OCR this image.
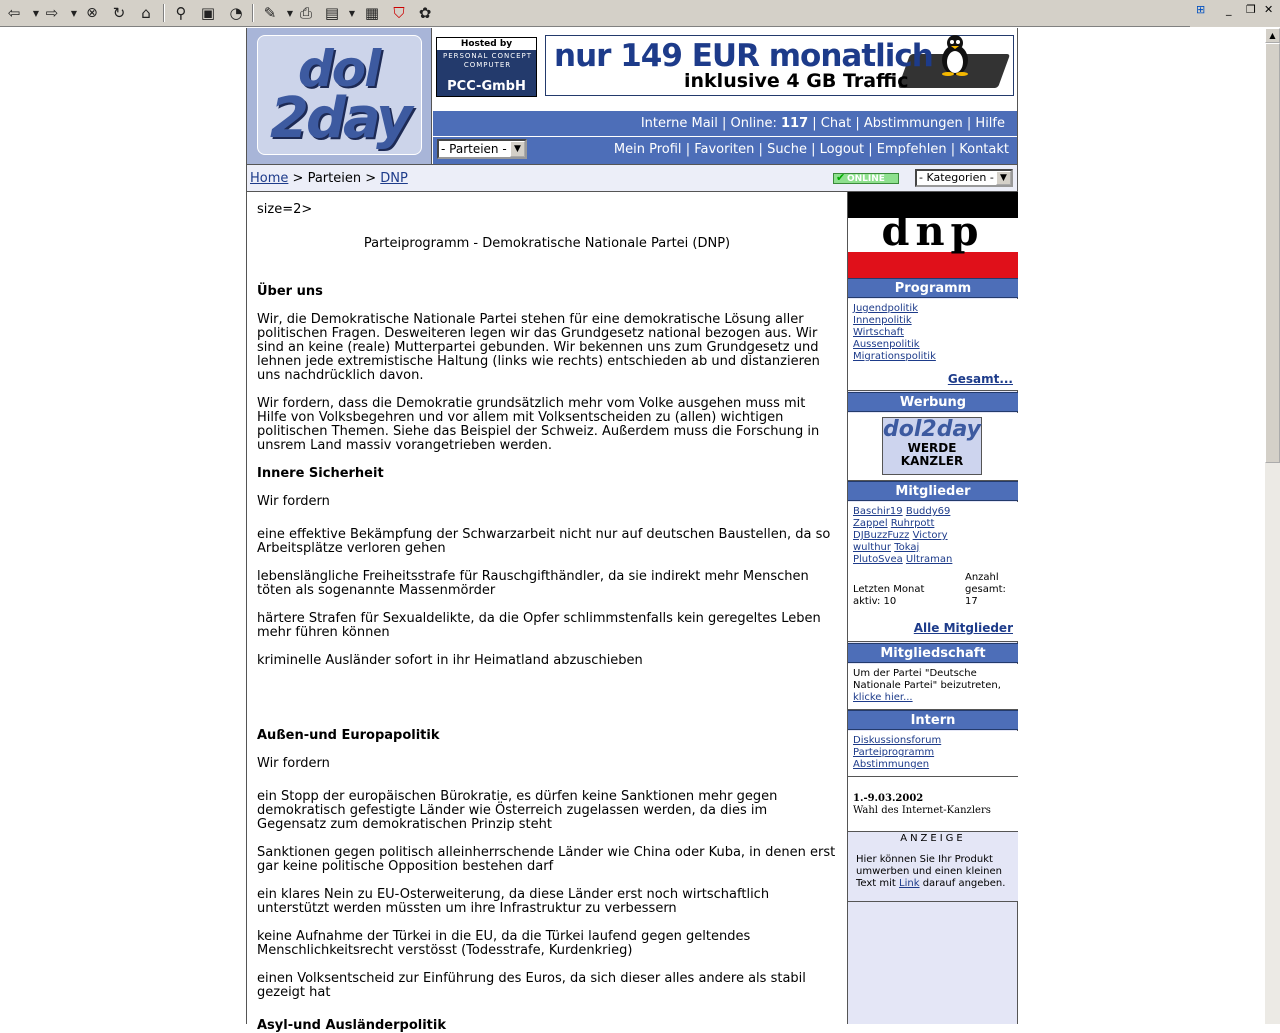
⇦	▼ ⇨	▼ ⊗ ↻	⌂	⚲ ▣ ◔ ✎	▼ ⎙ ▤	▼ ▦ ⛉ ✿	⊞ _ ❐ ✕
dol
2day
Hosted by
PERSONAL CONCEPT COMPUTER
PCC-GmbH
nur 149 EUR monatlich
inklusive 4 GB Traffic
Interne Mail | Online: 117 | Chat | Abstimmungen | Hilfe
Mein Profil | Favoriten | Suche | Logout | Empfehlen | Kontakt
- Parteien - ▼
Home > Parteien > DNP	✔ ONLINE	- Kategorien - ▼

size=2>

Parteiprogramm - Demokratische Nationale Partei (DNP)

Über uns

Wir, die Demokratische Nationale Partei stehen für eine demokratische Lösung aller politischen Fragen. Desweiteren legen wir das Grundgesetz national bezogen aus. Wir sind an keine (reale) Mutterpartei gebunden. Wir bekennen uns zum Grundgesetz und lehnen jede extremistische Haltung (links wie rechts) entschieden ab und distanzieren uns nachdrücklich davon.

Wir fordern, dass die Demokratie grundsätzlich mehr vom Volke ausgehen muss mit Hilfe von Volksbegehren und vor allem mit Volksentscheiden zu (allen) wichtigen politischen Themen. Siehe das Beispiel der Schweiz. Außerdem muss die Forschung in unsrem Land massiv vorangetrieben werden.

Innere Sicherheit

Wir fordern

eine effektive Bekämpfung der Schwarzarbeit nicht nur auf deutschen Baustellen, da so Arbeitsplätze verloren gehen

lebenslängliche Freiheitsstrafe für Rauschgifthändler, da sie indirekt mehr Menschen töten als sogenannte Massenmörder

härtere Strafen für Sexualdelikte, da die Opfer schlimmstenfalls kein geregeltes Leben mehr führen können

kriminelle Ausländer sofort in ihr Heimatland abzuschieben

Außen-und Europapolitik

Wir fordern

ein Stopp der europäischen Bürokratie, es dürfen keine Sanktionen mehr gegen demokratisch gefestigte Länder wie Österreich zugelassen werden, da dies im Gegensatz zum demokratischen Prinzip steht

Sanktionen gegen politisch alleinherrschende Länder wie China oder Kuba, in denen erst gar keine politische Opposition bestehen darf

ein klares Nein zu EU-Osterweiterung, da diese Länder erst noch wirtschaftlich unterstützt werden müssten um ihre Infrastruktur zu verbessern

keine Aufnahme der Türkei in die EU, da die Türkei laufend gegen geltendes Menschlichkeitsrecht verstösst (Todesstrafe, Kurdenkrieg)

einen Volksentscheid zur Einführung des Euros, da sich dieser alles andere als stabil gezeigt hat

Asyl-und Ausländerpolitik

dnp
Programm
Jugendpolitik
Innenpolitik
Wirtschaft
Aussenpolitik
Migrationspolitik
Gesamt...
Werbung
dol2day
WERDE
KANZLER
Mitglieder
Baschir19 Buddy69
Zappel Ruhrpott
DJBuzzFuzz Victory
wulthur Tokaj
PlutoSvea Ultraman
Letzten Monat aktiv: 10
Anzahl gesamt: 17
Alle Mitglieder
Mitgliedschaft
Um der Partei "Deutsche Nationale Partei" beizutreten,
klicke hier...
Intern
Diskussionsforum
Parteiprogramm
Abstimmungen
1.-9.03.2002
Wahl des Internet-Kanzlers
ANZEIGE
Hier können Sie Ihr Produkt umwerben und einen kleinen Text mit Link darauf angeben.
▲
